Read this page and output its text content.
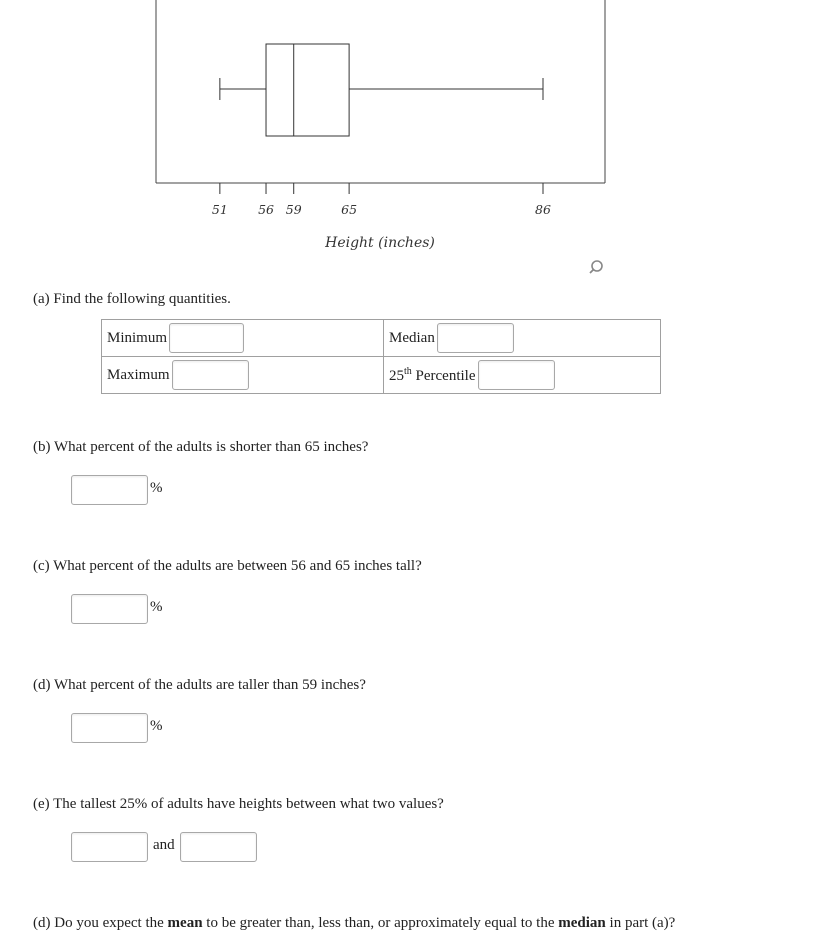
51 56 59	65	86
Height (inches)
(a) Find the following quantities.
Minimum	Median
Maximum	25th Percentile
(b) What percent of the adults is shorter than 65 inches?
%
(c) What percent of the adults are between 56 and 65 inches tall?
%
(d) What percent of the adults are taller than 59 inches?
%
(e) The tallest 25% of adults have heights between what two values?
and
(d) Do you expect the mean to be greater than, less than, or approximately equal to the median in part (a)?
